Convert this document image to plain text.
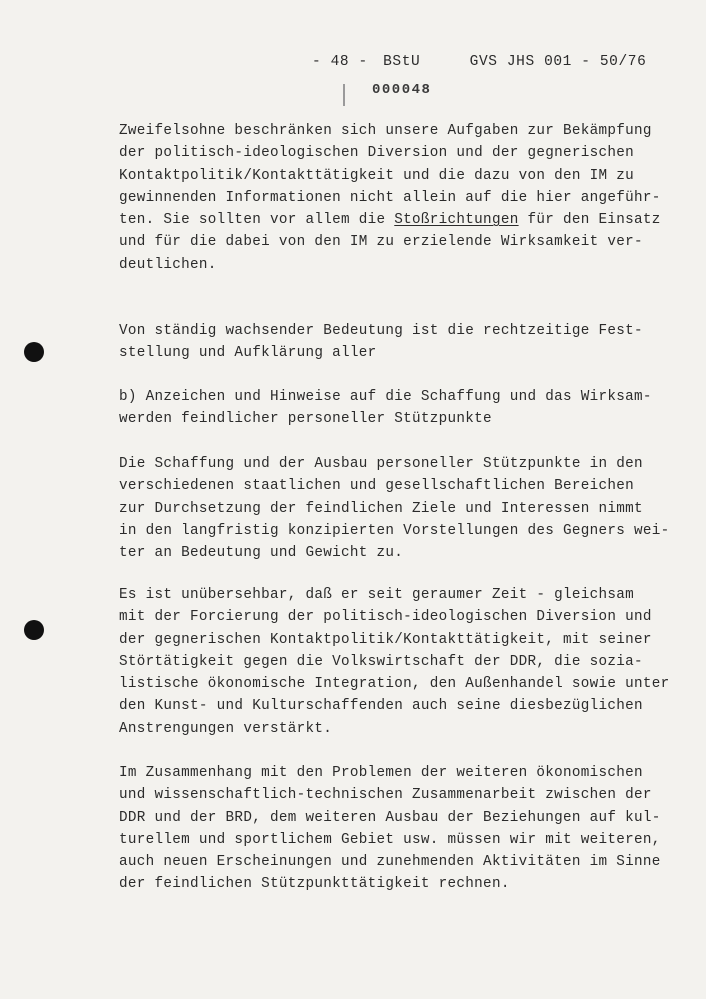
- 48 - BStU	GVS JHS 001 - 50/76
000048
Zweifelsohne beschränken sich unsere Aufgaben zur Bekämpfung
der politisch-ideologischen Diversion und der gegnerischen
Kontaktpolitik/Kontakttätigkeit und die dazu von den IM zu
gewinnenden Informationen nicht allein auf die hier angeführ-
ten. Sie sollten vor allem die Stoßrichtungen für den Einsatz
und für die dabei von den IM zu erzielende Wirksamkeit ver-
deutlichen.
Von ständig wachsender Bedeutung ist die rechtzeitige Fest-
stellung und Aufklärung aller
b) Anzeichen und Hinweise auf die Schaffung und das Wirksam-
werden feindlicher personeller Stützpunkte
Die Schaffung und der Ausbau personeller Stützpunkte in den
verschiedenen staatlichen und gesellschaftlichen Bereichen
zur Durchsetzung der feindlichen Ziele und Interessen nimmt
in den langfristig konzipierten Vorstellungen des Gegners wei-
ter an Bedeutung und Gewicht zu.
Es ist unübersehbar, daß er seit geraumer Zeit - gleichsam
mit der Forcierung der politisch-ideologischen Diversion und
der gegnerischen Kontaktpolitik/Kontakttätigkeit, mit seiner
Störtätigkeit gegen die Volkswirtschaft der DDR, die sozia-
listische ökonomische Integration, den Außenhandel sowie unter
den Kunst- und Kulturschaffenden auch seine diesbezüglichen
Anstrengungen verstärkt.
Im Zusammenhang mit den Problemen der weiteren ökonomischen
und wissenschaftlich-technischen Zusammenarbeit zwischen der
DDR und der BRD, dem weiteren Ausbau der Beziehungen auf kul-
turellem und sportlichem Gebiet usw. müssen wir mit weiteren,
auch neuen Erscheinungen und zunehmenden Aktivitäten im Sinne
der feindlichen Stützpunkttätigkeit rechnen.
